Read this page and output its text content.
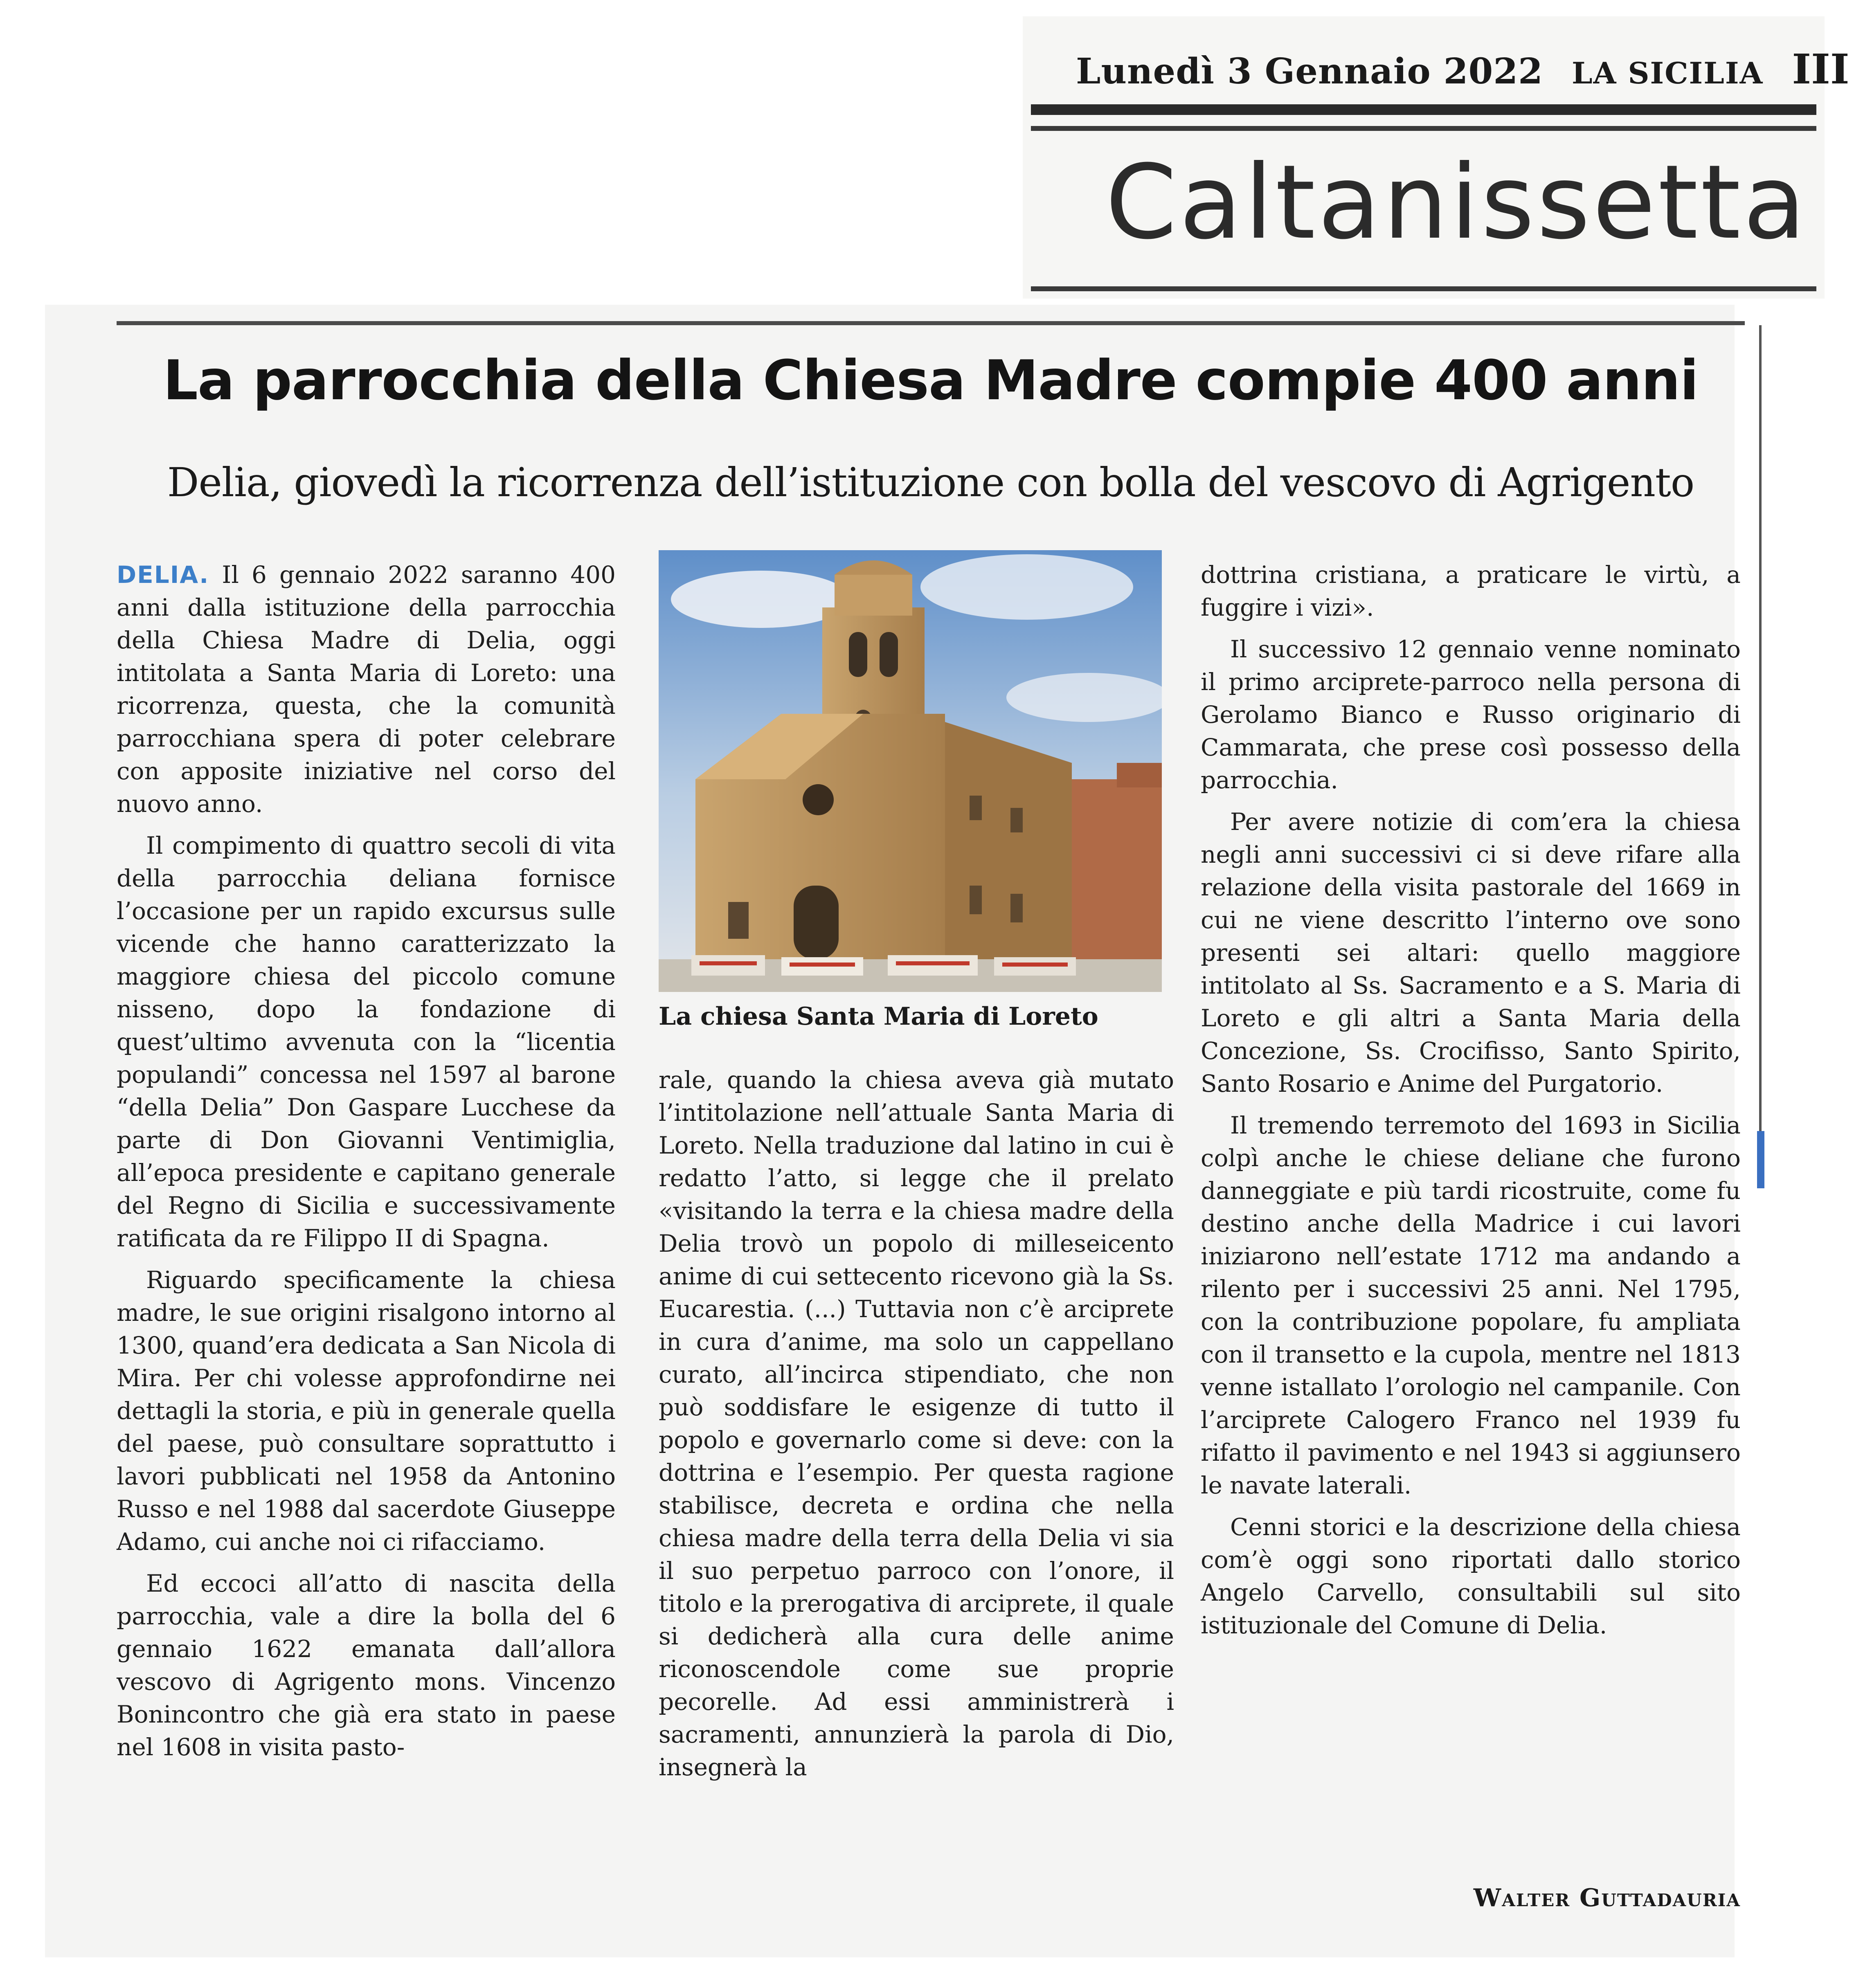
Lunedì 3 Gennaio 2022 LA SICILIA III
Caltanissetta
La parrocchia della Chiesa Madre compie 400 anni
Delia, giovedì la ricorrenza dell’istituzione con bolla del vescovo di Agrigento

DELIA. Il 6 gennaio 2022 saranno 400 anni dalla istituzione della parrocchia della Chiesa Madre di Delia, oggi intitolata a Santa Maria di Loreto: una ricorrenza, questa, che la comunità parrocchiana spera di poter celebrare con apposite iniziative nel corso del nuovo anno.

Il compimento di quattro secoli di vita della parrocchia deliana fornisce l’occasione per un rapido excursus sulle vicende che hanno caratterizzato la maggiore chiesa del piccolo comune nisseno, dopo la fondazione di quest’ultimo avvenuta con la “licentia populandi” concessa nel 1597 al barone “della Delia” Don Gaspare Lucchese da parte di Don Giovanni Ventimiglia, all’epoca presidente e capitano generale del Regno di Sicilia e successivamente ratificata da re Filippo II di Spagna.

Riguardo specificamente la chiesa madre, le sue origini risalgono intorno al 1300, quand’era dedicata a San Nicola di Mira. Per chi volesse approfondirne nei dettagli la storia, e più in generale quella del paese, può consultare soprattutto i lavori pubblicati nel 1958 da Antonino Russo e nel 1988 dal sacerdote Giuseppe Adamo, cui anche noi ci rifacciamo.

Ed eccoci all’atto di nascita della parrocchia, vale a dire la bolla del 6 gennaio 1622 emanata dall’allora vescovo di Agrigento mons. Vincenzo Bonincontro che già era stato in paese nel 1608 in visita pasto-

La chiesa Santa Maria di Loreto

rale, quando la chiesa aveva già mutato l’intitolazione nell’attuale Santa Maria di Loreto. Nella traduzione dal latino in cui è redatto l’atto, si legge che il prelato «visitando la terra e la chiesa madre della Delia trovò un popolo di milleseicento anime di cui settecento ricevono già la Ss. Eucarestia. (...) Tuttavia non c’è arciprete in cura d’anime, ma solo un cappellano curato, all’incirca stipendiato, che non può soddisfare le esigenze di tutto il popolo e governarlo come si deve: con la dottrina e l’esempio. Per questa ragione stabilisce, decreta e ordina che nella chiesa madre della terra della Delia vi sia il suo perpetuo parroco con l’onore, il titolo e la prerogativa di arciprete, il quale si dedicherà alla cura delle anime riconoscendole come sue proprie pecorelle. Ad essi amministrerà i sacramenti, annunzierà la parola di Dio, insegnerà la

dottrina cristiana, a praticare le virtù, a fuggire i vizi».

Il successivo 12 gennaio venne nominato il primo arciprete-parroco nella persona di Gerolamo Bianco e Russo originario di Cammarata, che prese così possesso della parrocchia.

Per avere notizie di com’era la chiesa negli anni successivi ci si deve rifare alla relazione della visita pastorale del 1669 in cui ne viene descritto l’interno ove sono presenti sei altari: quello maggiore intitolato al Ss. Sacramento e a S. Maria di Loreto e gli altri a Santa Maria della Concezione, Ss. Crocifisso, Santo Spirito, Santo Rosario e Anime del Purgatorio.

Il tremendo terremoto del 1693 in Sicilia colpì anche le chiese deliane che furono danneggiate e più tardi ricostruite, come fu destino anche della Madrice i cui lavori iniziarono nell’estate 1712 ma andando a rilento per i successivi 25 anni. Nel 1795, con la contribuzione popolare, fu ampliata con il transetto e la cupola, mentre nel 1813 venne istallato l’orologio nel campanile. Con l’arciprete Calogero Franco nel 1939 fu rifatto il pavimento e nel 1943 si aggiunsero le navate laterali.

Cenni storici e la descrizione della chiesa com’è oggi sono riportati dallo storico Angelo Carvello, consultabili sul sito istituzionale del Comune di Delia.

Walter Guttadauria
